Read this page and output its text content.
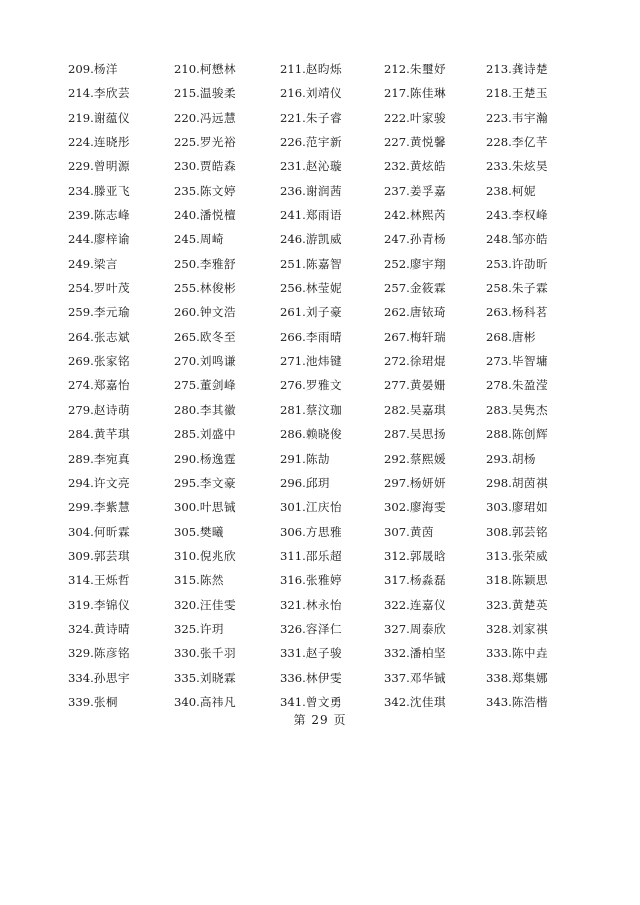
209. 杨洋	210. 柯懋林	211. 赵昀烁	212. 朱璽妤	213. 龚诗楚
214. 李欣芸	215. 温骏柔	216. 刘靖仪	217. 陈佳琳	218. 王楚玉
219. 谢蕴仪	220. 冯远慧	221. 朱子睿	222. 叶家骏	223. 韦宇瀚
224. 连晓彤	225. 罗光裕	226. 范宇新	227. 黄悦馨	228. 李亿芊
229. 曾明源	230. 贾皓森	231. 赵沁璇	232. 黄炫皓	233. 朱炫昊
234. 滕亚飞	235. 陈文婷	236. 谢润茜	237. 姜孚嘉	238. 柯妮
239. 陈志峰	240. 潘悦檀	241. 郑雨语	242. 林熙芮	243. 李权峰
244. 廖梓谕	245. 周崎	246. 游凯威	247. 孙青杨	248. 邹亦皓
249. 梁言	250. 李雅舒	251. 陈嘉智	252. 廖宇翔	253. 许劭昕
254. 罗叶茂	255. 林俊彬	256. 林莹妮	257. 金筱霖	258. 朱子霖
259. 李元瑜	260. 钟文浩	261. 刘子豪	262. 唐铱琦	263. 杨科茗
264. 张志斌	265. 欧冬至	266. 李雨晴	267. 梅轩瑞	268. 唐彬
269. 张家铭	270. 刘鸣谦	271. 池炜键	272. 徐珺焜	273. 毕智墉
274. 郑嘉怡	275. 董剑峰	276. 罗雅文	277. 黄晏姗	278. 朱盈滢
279. 赵诗萌	280. 李其徽	281. 蔡汶珈	282. 吴嘉琪	283. 吴隽杰
284. 黄芊琪	285. 刘盛中	286. 赖晓俊	287. 吴思扬	288. 陈创辉
289. 李宛真	290. 杨逸霆	291. 陈劼	292. 蔡熙媛	293. 胡杨
294. 许文亮	295. 李文豪	296. 邱玥	297. 杨妍妍	298. 胡茵祺
299. 李紫慧	300. 叶思铖	301. 江庆怡	302. 廖海雯	303. 廖珺如
304. 何昕霖	305. 樊曦	306. 方思雅	307. 黄茵	308. 郭芸铭
309. 郭芸琪	310. 倪兆欣	311. 邵乐超	312. 郭晟晗	313. 张荣威
314. 王烁哲	315. 陈然	316. 张雅婷	317. 杨淼磊	318. 陈颖思
319. 李锦仪	320. 汪佳雯	321. 林永怡	322. 连嘉仪	323. 黄楚英
324. 黄诗晴	325. 许玥	326. 容泽仁	327. 周泰欣	328. 刘家祺
329. 陈彦铭	330. 张千羽	331. 赵子骏	332. 潘柏坚	333. 陈中垚
334. 孙思宇	335. 刘晓霖	336. 林伊雯	337. 邓华铖	338. 郑集娜
339. 张桐	340. 高祎凡	341. 曾文勇	342. 沈佳琪	343. 陈浩楷
第 29 页
